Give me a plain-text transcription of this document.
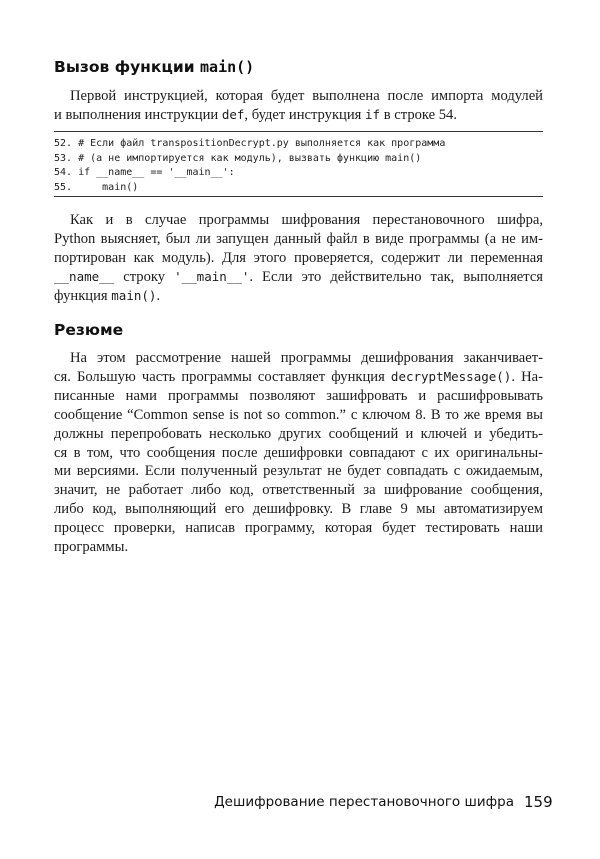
Вызов функции main()

Первой инструкцией, которая будет выполнена после импорта модулей
и выполнения инструкции def, будет инструкция if в строке 54.

52. # Если файл transpositionDecrypt.py выполняется как программа
53. # (а не импортируется как модуль), вызвать функцию main()
54. if __name__ == '__main__':
55.     main()

Как и в случае программы шифрования перестановочного шифра,
Python выясняет, был ли запущен данный файл в виде программы (а не им-
портирован как модуль). Для этого проверяется, содержит ли переменная
__name__ строку '__main__'. Если это действительно так, выполняется
функция main().

Резюме

На этом рассмотрение нашей программы дешифрования заканчивает-
ся. Большую часть программы составляет функция decryptMessage(). На-
писанные нами программы позволяют зашифровать и расшифровывать
сообщение “Common sense is not so common.” с ключом 8. В то же время вы
должны перепробовать несколько других сообщений и ключей и убедить-
ся в том, что сообщения после дешифровки совпадают с их оригинальны-
ми версиями. Если полученный результат не будет совпадать с ожидаемым,
значит, не работает либо код, ответственный за шифрование сообщения,
либо код, выполняющий его дешифровку. В главе 9 мы автоматизируем
процесс проверки, написав программу, которая будет тестировать наши
программы.

Дешифрование перестановочного шифра 159
